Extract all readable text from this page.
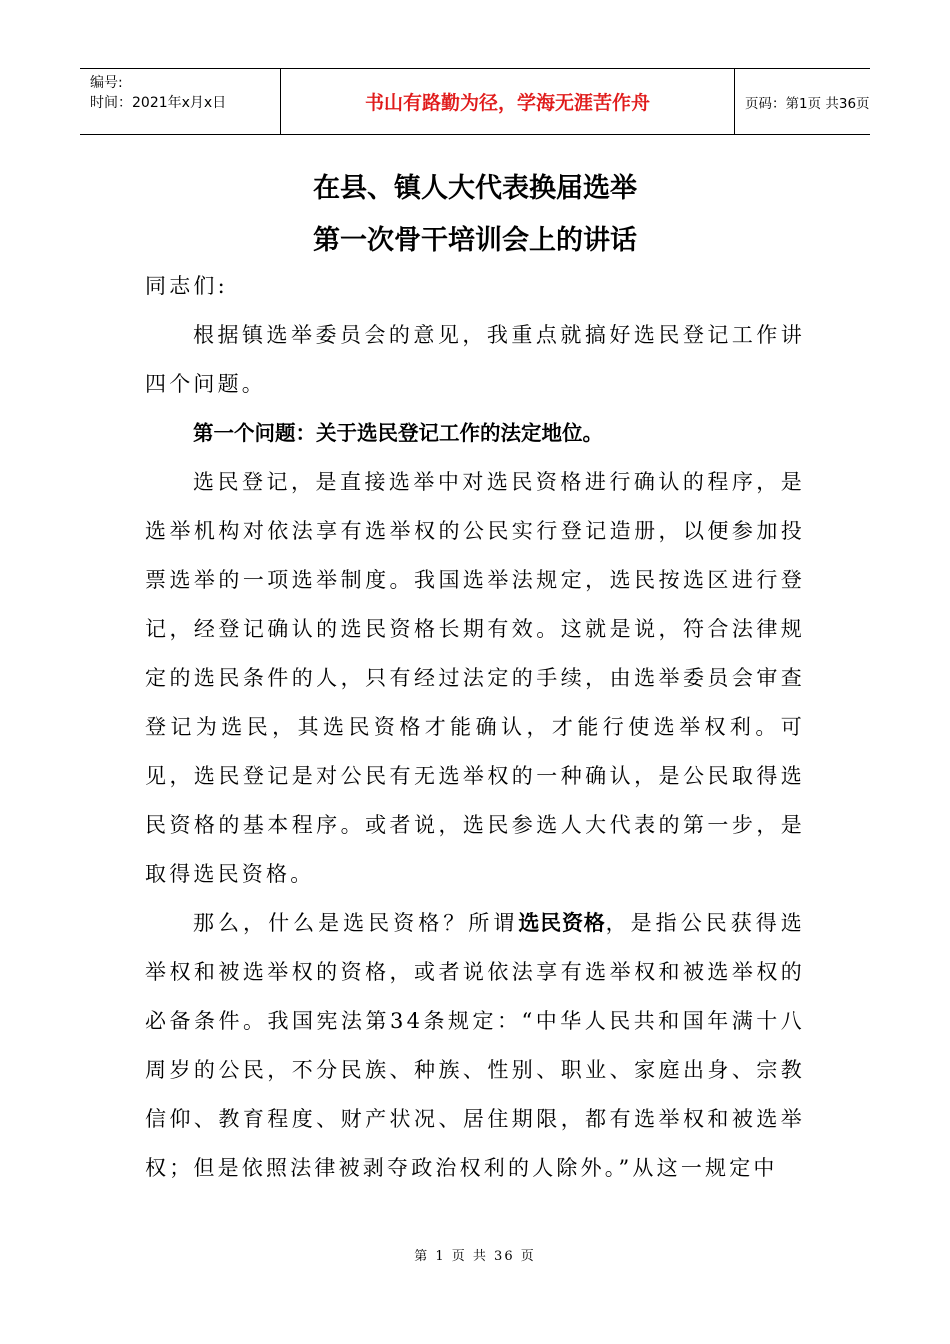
编号:
时间：2021年x月x日	书山有路勤为径，学海无涯苦作舟	页码：第1页 共36页
在县、镇人大代表换届选举
第一次骨干培训会上的讲话

同志们:

根据镇选举委员会的意见，我重点就搞好选民登记工作讲四个问题。

第一个问题：关于选民登记工作的法定地位。

选民登记，是直接选举中对选民资格进行确认的程序，是选举机构对依法享有选举权的公民实行登记造册，以便参加投票选举的一项选举制度。我国选举法规定，选民按选区进行登记，经登记确认的选民资格长期有效。这就是说，符合法律规定的选民条件的人，只有经过法定的手续，由选举委员会审查登记为选民，其选民资格才能确认，才能行使选举权利。可见，选民登记是对公民有无选举权的一种确认，是公民取得选民资格的基本程序。或者说，选民参选人大代表的第一步，是取得选民资格。

那么，什么是选民资格？所谓选民资格，是指公民获得选举权和被选举权的资格，或者说依法享有选举权和被选举权的必备条件。我国宪法第34条规定：“中华人民共和国年满十八周岁的公民，不分民族、种族、性别、职业、家庭出身、宗教信仰、教育程度、财产状况、居住期限，都有选举权和被选举权；但是依照法律被剥夺政治权利的人除外。”从这一规定中

第 1 页 共 36 页
